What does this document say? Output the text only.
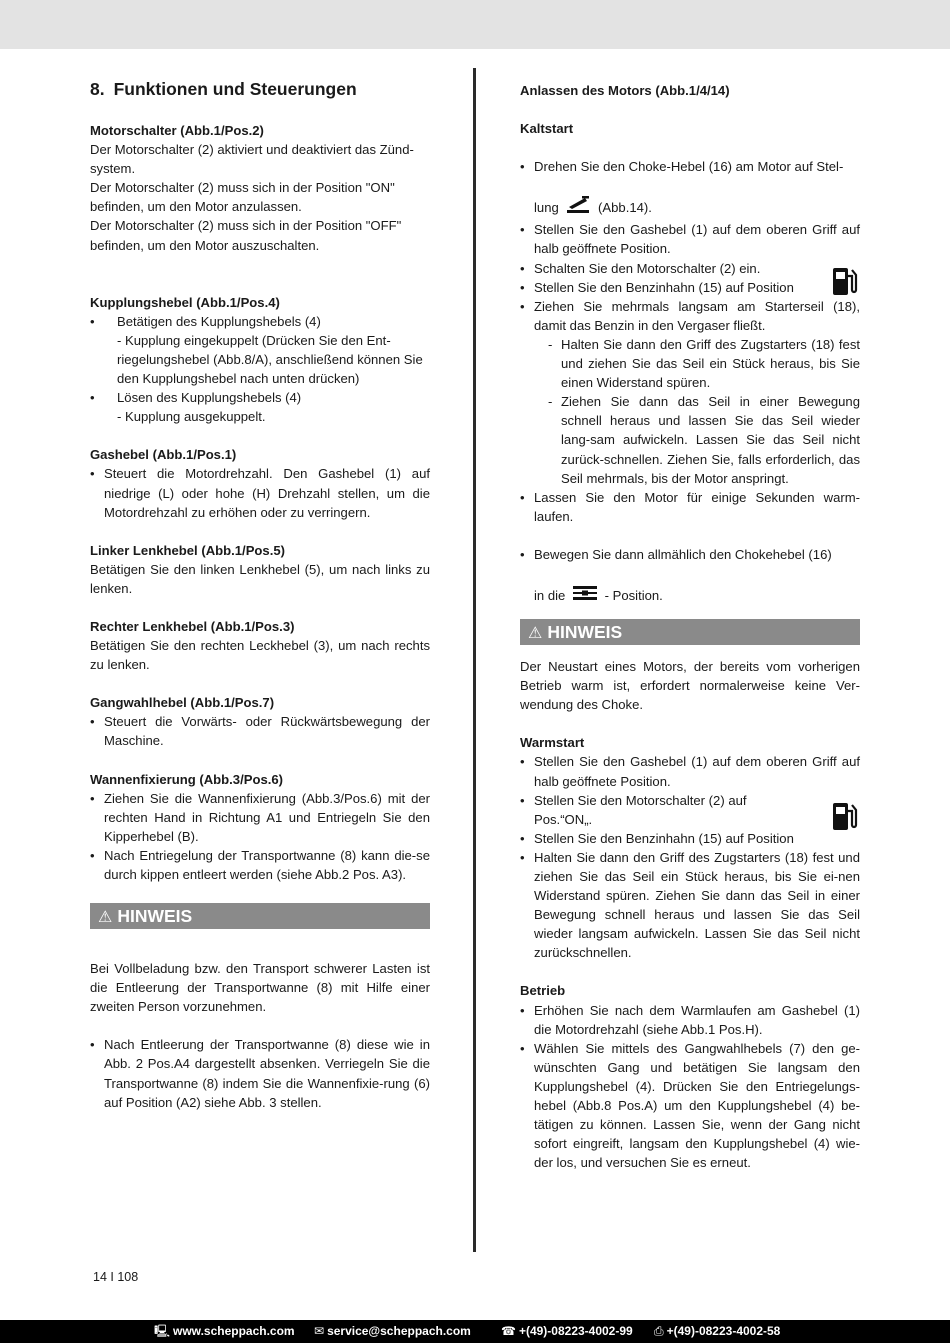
8. Funktionen und Steuerungen

Motorschalter (Abb.1/Pos.2)

Der Motorschalter (2) aktiviert und deaktiviert das Zünd-

system.

Der Motorschalter (2) muss sich in der Position "ON"

befinden, um den Motor anzulassen.

Der Motorschalter (2) muss sich in der Position "OFF"

befinden, um den Motor auszuschalten.

Kupplungshebel (Abb.1/Pos.4)

• Betätigen des Kupplungshebels (4)
- Kupplung eingekuppelt (Drücken Sie den Ent-riegelungshebel (Abb.8/A), anschließend können Sie den Kupplungshebel nach unten drücken)
• Lösen des Kupplungshebels (4)
- Kupplung ausgekuppelt.

Gashebel (Abb.1/Pos.1)

• Steuert die Motordrehzahl. Den Gashebel (1) auf niedrige (L) oder hohe (H) Drehzahl stellen, um die Motordrehzahl zu erhöhen oder zu verringern.

Linker Lenkhebel (Abb.1/Pos.5)

Betätigen Sie den linken Lenkhebel (5), um nach links zu lenken.

Rechter Lenkhebel (Abb.1/Pos.3)

Betätigen Sie den rechten Leckhebel (3), um nach rechts zu lenken.

Gangwahlhebel (Abb.1/Pos.7)

• Steuert die Vorwärts- oder Rückwärtsbewegung der Maschine.

Wannenfixierung (Abb.3/Pos.6)

• Ziehen Sie die Wannenfixierung (Abb.3/Pos.6) mit der rechten Hand in Richtung A1 und Entriegeln Sie den Kipperhebel (B).
• Nach Entriegelung der Transportwanne (8) kann die-se durch kippen entleert werden (siehe Abb.2 Pos. A3).
⚠ HINWEIS

Bei Vollbeladung bzw. den Transport schwerer Lasten ist die Entleerung der Transportwanne (8) mit Hilfe einer zweiten Person vorzunehmen.

• Nach Entleerung der Transportwanne (8) diese wie in Abb. 2 Pos.A4 dargestellt absenken. Verriegeln Sie die Transportwanne (8) indem Sie die Wannenfixie-rung (6) auf Position (A2) siehe Abb. 3 stellen.

Anlassen des Motors (Abb.1/4/14)

Kaltstart

• Drehen Sie den Choke-Hebel (16) am Motor auf Stel-
lung	(Abb.14).
• Stellen Sie den Gashebel (1) auf dem oberen Griff auf halb geöffnete Position.
• Schalten Sie den Motorschalter (2) ein.
• Stellen Sie den Benzinhahn (15) auf Position
• Ziehen Sie mehrmals langsam am Starterseil (18), damit das Benzin in den Vergaser fließt.
- Halten Sie dann den Griff des Zugstarters (18) fest und ziehen Sie das Seil ein Stück heraus, bis Sie einen Widerstand spüren.
- Ziehen Sie dann das Seil in einer Bewegung schnell heraus und lassen Sie das Seil wieder lang-sam aufwickeln. Lassen Sie das Seil nicht zurück-schnellen. Ziehen Sie, falls erforderlich, das Seil mehrmals, bis der Motor anspringt.
• Lassen Sie den Motor für einige Sekunden warm-laufen.
• Bewegen Sie dann allmählich den Chokehebel (16)
in die	- Position.
⚠ HINWEIS

Der Neustart eines Motors, der bereits vom vorherigen Betrieb warm ist, erfordert normalerweise keine Ver-wendung des Choke.

Warmstart

• Stellen Sie den Gashebel (1) auf dem oberen Griff auf halb geöffnete Position.
• Stellen Sie den Motorschalter (2) auf
Pos.“ON„.
• Stellen Sie den Benzinhahn (15) auf Position
• Halten Sie dann den Griff des Zugstarters (18) fest und ziehen Sie das Seil ein Stück heraus, bis Sie ei-nen Widerstand spüren. Ziehen Sie dann das Seil in einer Bewegung schnell heraus und lassen Sie das Seil wieder langsam aufwickeln. Lassen Sie das Seil nicht zurückschnellen.

Betrieb

• Erhöhen Sie nach dem Warmlaufen am Gashebel (1) die Motordrehzahl (siehe Abb.1 Pos.H).
• Wählen Sie mittels des Gangwahlhebels (7) den ge-wünschten Gang und betätigen Sie langsam den Kupplungshebel (4). Drücken Sie den Entriegelungs-hebel (Abb.8 Pos.A) um den Kupplungshebel (4) be-tätigen zu können. Lassen Sie, wenn der Gang nicht sofort eingreift, langsam den Kupplungshebel (4) wie-der los, und versuchen Sie es erneut.
14 I 108
🖳 www.scheppach.com ✉ service@scheppach.com	☎ +(49)-08223-4002-99 ⎙ +(49)-08223-4002-58
